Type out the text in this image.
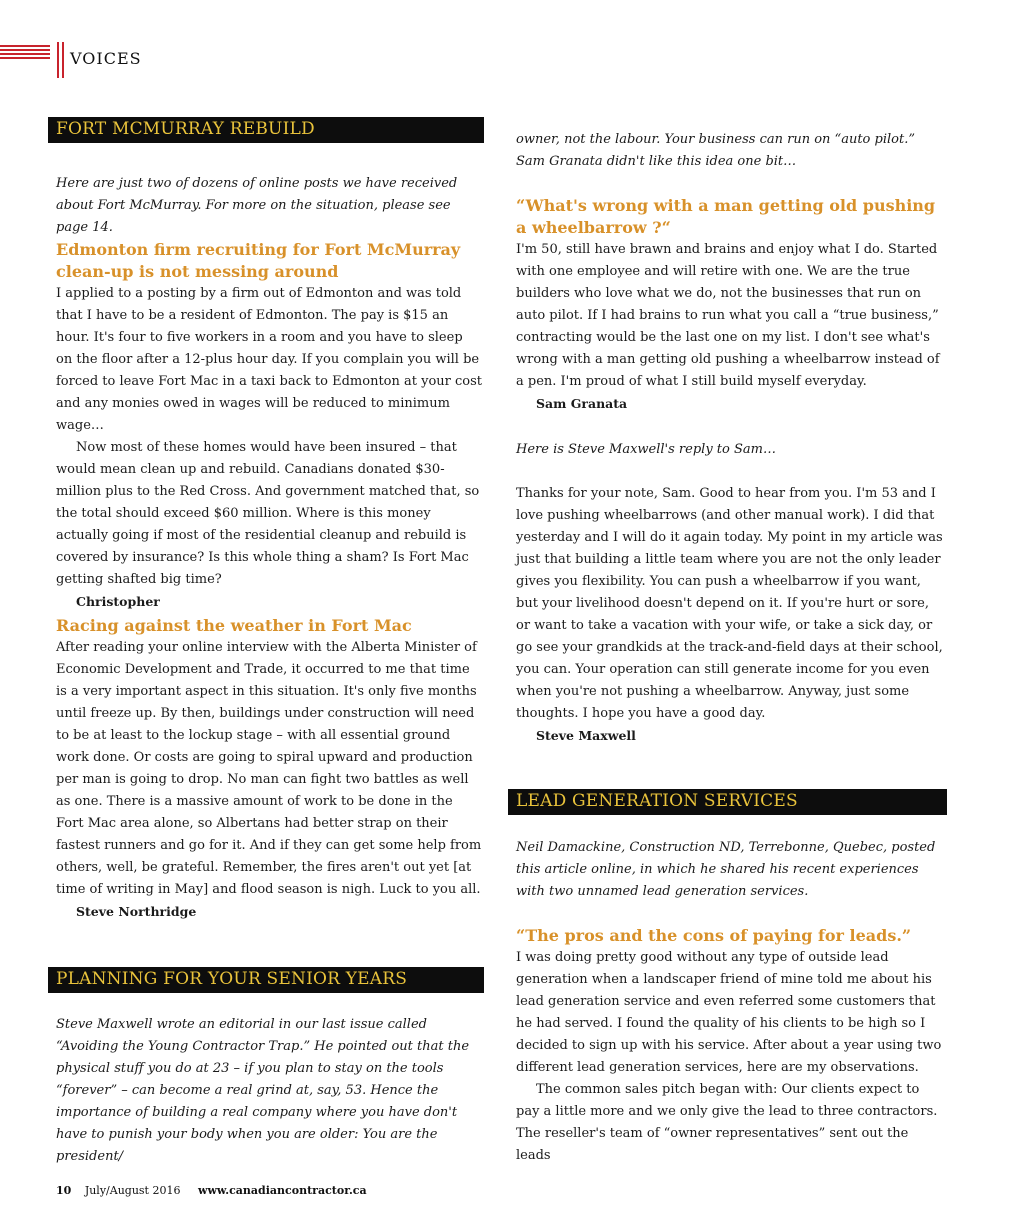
VOICES
FORT MCMURRAY REBUILD

Here are just two of dozens of online posts we have received about Fort McMurray. For more on the situation, please see page 14.

Edmonton firm recruiting for Fort McMurray clean-up is not messing around

I applied to a posting by a firm out of Edmonton and was told that I have to be a resident of Edmonton. The pay is $15 an hour. It's four to five workers in a room and you have to sleep on the floor after a 12-plus hour day. If you complain you will be forced to leave Fort Mac in a taxi back to Edmonton at your cost and any monies owed in wages will be reduced to minimum wage…

Now most of these homes would have been insured – that would mean clean up and rebuild. Canadians donated $30-million plus to the Red Cross. And government matched that, so the total should exceed $60 million. Where is this money actually going if most of the residential cleanup and rebuild is covered by insurance? Is this whole thing a sham? Is Fort Mac getting shafted big time?

Christopher

Racing against the weather in Fort Mac

After reading your online interview with the Alberta Minister of Economic Development and Trade, it occurred to me that time is a very important aspect in this situation. It's only five months until freeze up. By then, buildings under construction will need to be at least to the lockup stage – with all essential ground work done. Or costs are going to spiral upward and production per man is going to drop. No man can fight two battles as well as one. There is a massive amount of work to be done in the Fort Mac area alone, so Albertans had better strap on their fastest runners and go for it. And if they can get some help from others, well, be grateful. Remember, the fires aren't out yet [at time of writing in May] and flood season is nigh. Luck to you all.

Steve Northridge

PLANNING FOR YOUR SENIOR YEARS

Steve Maxwell wrote an editorial in our last issue called “Avoiding the Young Contractor Trap.” He pointed out that the physical stuff you do at 23 – if you plan to stay on the tools “forever” – can become a real grind at, say, 53. Hence the importance of building a real company where you have don't have to punish your body when you are older: You are the president/

owner, not the labour. Your business can run on “auto pilot.” Sam Granata didn't like this idea one bit…

“What's wrong with a man getting old pushing a wheelbarrow ?“

I'm 50, still have brawn and brains and enjoy what I do. Started with one employee and will retire with one. We are the true builders who love what we do, not the businesses that run on auto pilot. If I had brains to run what you call a “true business,” contracting would be the last one on my list. I don't see what's wrong with a man getting old pushing a wheelbarrow instead of a pen. I'm proud of what I still build myself everyday.

Sam Granata

Here is Steve Maxwell's reply to Sam…

Thanks for your note, Sam. Good to hear from you. I'm 53 and I love pushing wheelbarrows (and other manual work). I did that yesterday and I will do it again today. My point in my article was just that building a little team where you are not the only leader gives you flexibility. You can push a wheelbarrow if you want, but your livelihood doesn't depend on it. If you're hurt or sore, or want to take a vacation with your wife, or take a sick day, or go see your grandkids at the track-and-field days at their school, you can. Your operation can still generate income for you even when you're not pushing a wheelbarrow. Anyway, just some thoughts. I hope you have a good day.

Steve Maxwell

LEAD GENERATION SERVICES

Neil Damackine, Construction ND, Terrebonne, Quebec, posted this article online, in which he shared his recent experiences with two unnamed lead generation services.

“The pros and the cons of paying for leads.”

I was doing pretty good without any type of outside lead generation when a landscaper friend of mine told me about his lead generation service and even referred some customers that he had served. I found the quality of his clients to be high so I decided to sign up with his service. After about a year using two different lead generation services, here are my observations.

The common sales pitch began with: Our clients expect to pay a little more and we only give the lead to three contractors. The reseller's team of “owner representatives” sent out the leads

10 July/August 2016 www.canadiancontractor.ca
